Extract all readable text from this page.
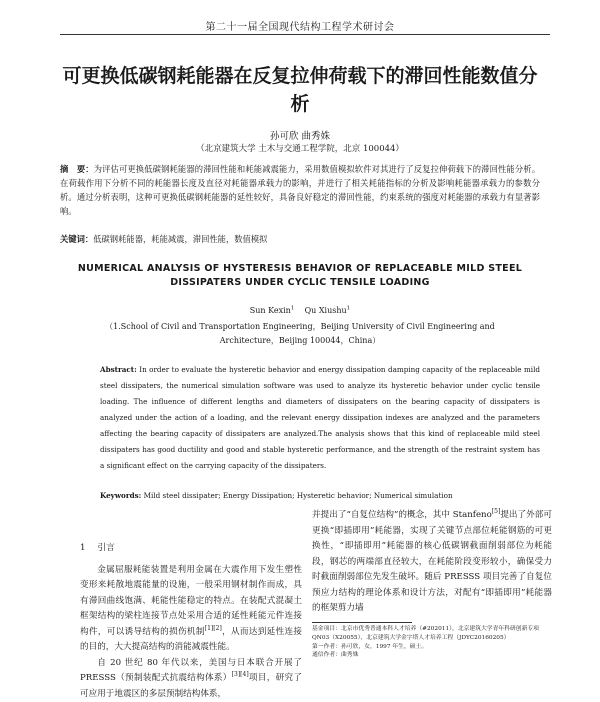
第二十一届全国现代结构工程学术研讨会
可更换低碳钢耗能器在反复拉伸荷载下的滞回性能数值分析
孙可欣 曲秀姝
（北京建筑大学 土木与交通工程学院，北京 100044）
摘　要：为评估可更换低碳钢耗能器的滞回性能和耗能减震能力，采用数值模拟软件对其进行了反复拉伸荷载下的滞回性能分析。在荷载作用下分析不同的耗能器长度及直径对耗能器承载力的影响，并进行了相关耗能指标的分析及影响耗能器承载力的参数分析。通过分析表明，这种可更换低碳钢耗能器的延性较好，具备良好稳定的滞回性能，约束系统的强度对耗能器的承载力有显著影响。
关键词：低碳钢耗能器，耗能减震，滞回性能，数值模拟
NUMERICAL ANALYSIS OF HYSTERESIS BEHAVIOR OF REPLACEABLE MILD STEEL DISSIPATERS UNDER CYCLIC TENSILE LOADING
Sun Kexin$^1$ Qu Xiushu$^1$
（1.School of Civil and Transportation Engineering，Beijing University of Civil Engineering and Architecture，Beijing 100044，China）
Abstract: In order to evaluate the hysteretic behavior and energy dissipation damping capacity of the replaceable mild steel dissipaters, the numerical simulation software was used to analyze its hysteretic behavior under cyclic tensile loading. The influence of different lengths and diameters of dissipaters on the bearing capacity of dissipaters is analyzed under the action of a loading, and the relevant energy dissipation indexes are analyzed and the parameters affecting the bearing capacity of dissipaters are analyzed.The analysis shows that this kind of replaceable mild steel dissipaters has good ductility and good and stable hysteretic performance, and the strength of the restraint system has a significant effect on the carrying capacity of the dissipaters.
Keywords: Mild steel dissipater; Energy Dissipation; Hysteretic behavior; Numerical simulation

1 引言

金属屈服耗能装置是利用金属在大震作用下发生塑性变形来耗散地震能量的设施，一般采用钢材制作而成，具有滞回曲线饱满、耗能性能稳定的特点。在装配式混凝土框架结构的梁柱连接节点处采用合适的延性耗能元件连接构件，可以诱导结构的损伤机制[1][2]，从而达到延性连接的目的，大大提高结构的消能减震性能。

自 20 世纪 80 年代以来，美国与日本联合开展了 PRESSS（预制装配式抗震结构体系）[3][4]项目，研究了可应用于地震区的多层预制结构体系，

并提出了“自复位结构”的概念，其中 Stanfeno[5]提出了外部可更换“即插即用”耗能器，实现了关键节点部位耗能钢筋的可更换性，“即插即用”耗能器的核心低碳钢截面削弱部位为耗能段，钢芯的两端部直径较大，在耗能阶段变形较小，确保受力时截面削弱部位先发生破坏。随后 PRESSS 项目完善了自复位预应力结构的理论体系和设计方法，对配有“即插即用”耗能器的框架剪力墙

基金项目：北京市优秀普通本科人才培养（#202011），北京建筑大学青年科研创新专项 QN03（X20055），北京建筑大学金字塔人才培养工程（JDYC20160205）

第一作者：孙可欣，女，1997 年生，硕士。

通信作者：曲秀姝
